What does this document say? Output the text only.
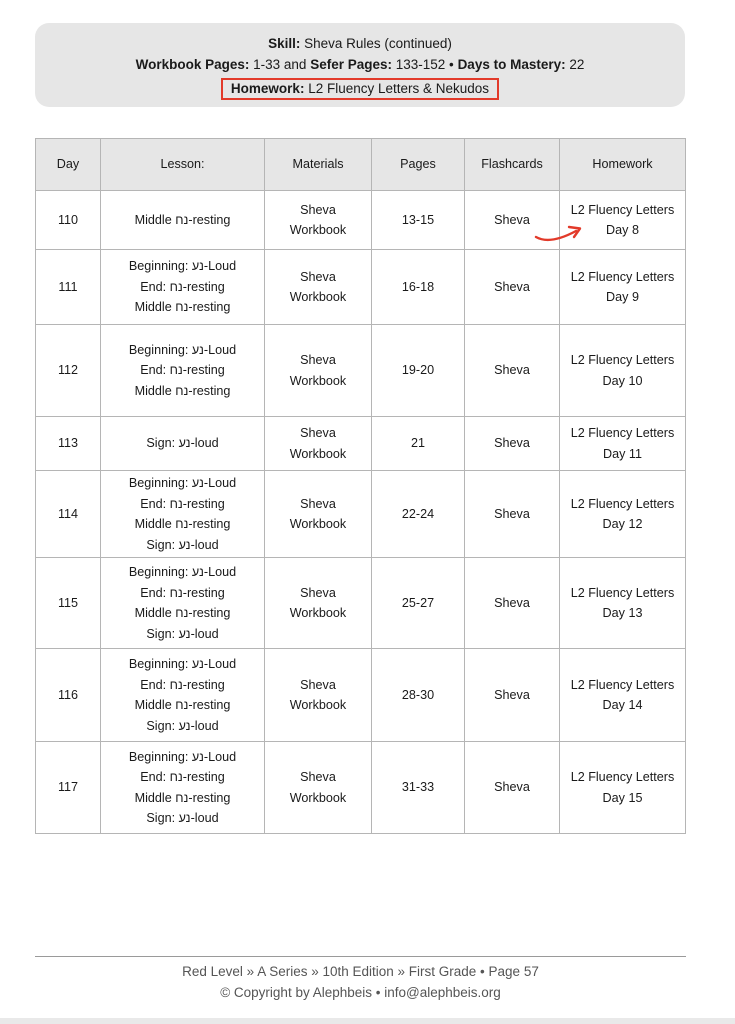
Skill: Sheva Rules (continued)
Workbook Pages: 1-33 and Sefer Pages: 133-152 • Days to Mastery: 22
Homework: L2 Fluency Letters & Nekudos
Day	Lesson:	Materials	Pages	Flashcards	Homework
110	Middle נח-resting	Sheva
Workbook	13-15	Sheva	L2 Fluency Letters
Day 8

111	Beginning: נע-Loud
End: נח-resting
Middle נח-resting	Sheva
Workbook	16-18	Sheva	L2 Fluency Letters
Day 9

112	Beginning: נע-Loud
End: נח-resting
Middle נח-resting	Sheva
Workbook	19-20	Sheva	L2 Fluency Letters
Day 10

113	Sign: נע-loud	Sheva
Workbook	21	Sheva	L2 Fluency Letters
Day 11

114	Beginning: נע-Loud
End: נח-resting
Middle נח-resting
Sign: נע-loud	Sheva
Workbook	22-24	Sheva	L2 Fluency Letters
Day 12

115	Beginning: נע-Loud
End: נח-resting
Middle נח-resting
Sign: נע-loud	Sheva
Workbook	25-27	Sheva	L2 Fluency Letters
Day 13

116	Beginning: נע-Loud
End: נח-resting
Middle נח-resting
Sign: נע-loud	Sheva
Workbook	28-30	Sheva	L2 Fluency Letters
Day 14

117	Beginning: נע-Loud
End: נח-resting
Middle נח-resting
Sign: נע-loud	Sheva
Workbook	31-33	Sheva	L2 Fluency Letters
Day 15
Red Level » A Series » 10th Edition » First Grade • Page 57
© Copyright by Alephbeis • info@alephbeis.org
